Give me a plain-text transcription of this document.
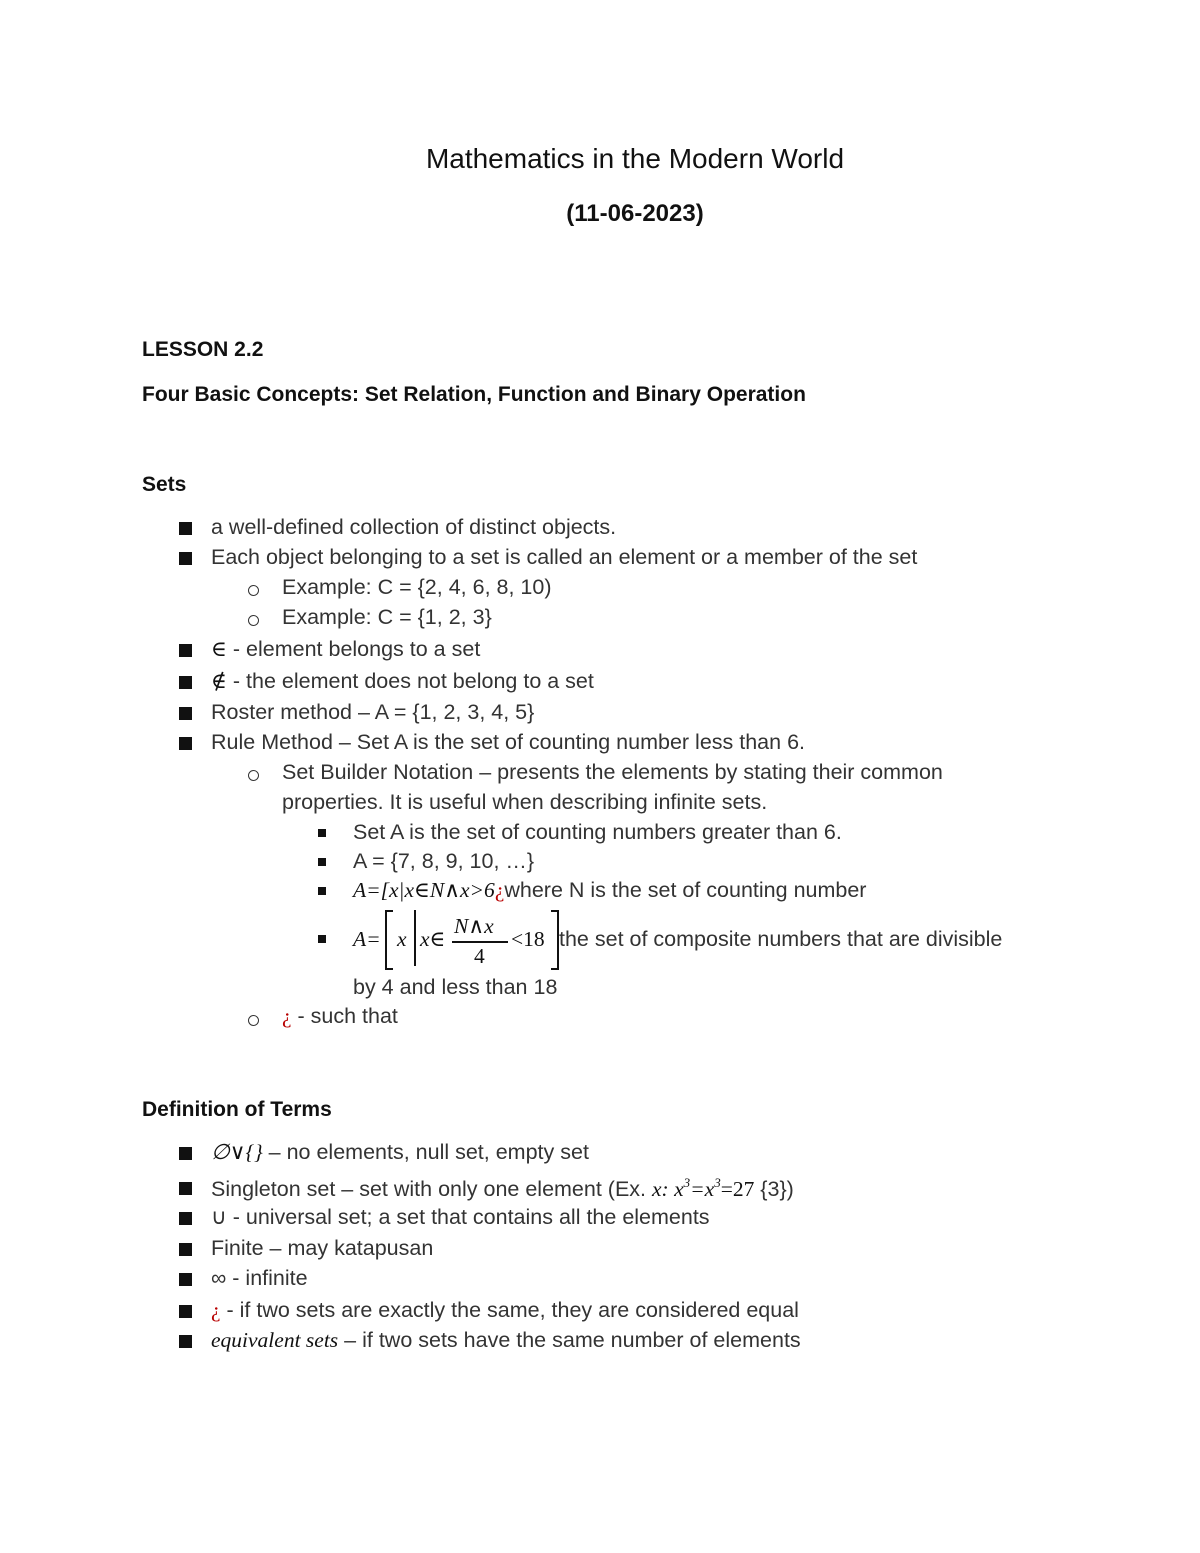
Mathematics in the Modern World
(11-06-2023)
LESSON 2.2
Four Basic Concepts: Set Relation, Function and Binary Operation
Sets
a well-defined collection of distinct objects.
Each object belonging to a set is called an element or a member of the set
Example: C = {2, 4, 6, 8, 10)
Example: C = {1, 2, 3}
∈ - element belongs to a set
∉ - the element does not belong to a set
Roster method – A = {1, 2, 3, 4, 5}
Rule Method – Set A is the set of counting number less than 6.
Set Builder Notation – presents the elements by stating their common
properties. It is useful when describing infinite sets.
Set A is the set of counting numbers greater than 6.
A = {7, 8, 9, 10, …}
A=[x|x∈N∧x>6¿where N is the set of counting number
A= x x∈
N∧x
4
<18 the set of composite numbers that are divisible
by 4 and less than 18
¿ - such that
Definition of Terms
∅∨{} – no elements, null set, empty set
Singleton set – set with only one element (Ex. x: $x^3=x^3=27$ {3})
∪ - universal set; a set that contains all the elements
Finite – may katapusan
∞ - infinite
¿ - if two sets are exactly the same, they are considered equal
equivalent sets – if two sets have the same number of elements
